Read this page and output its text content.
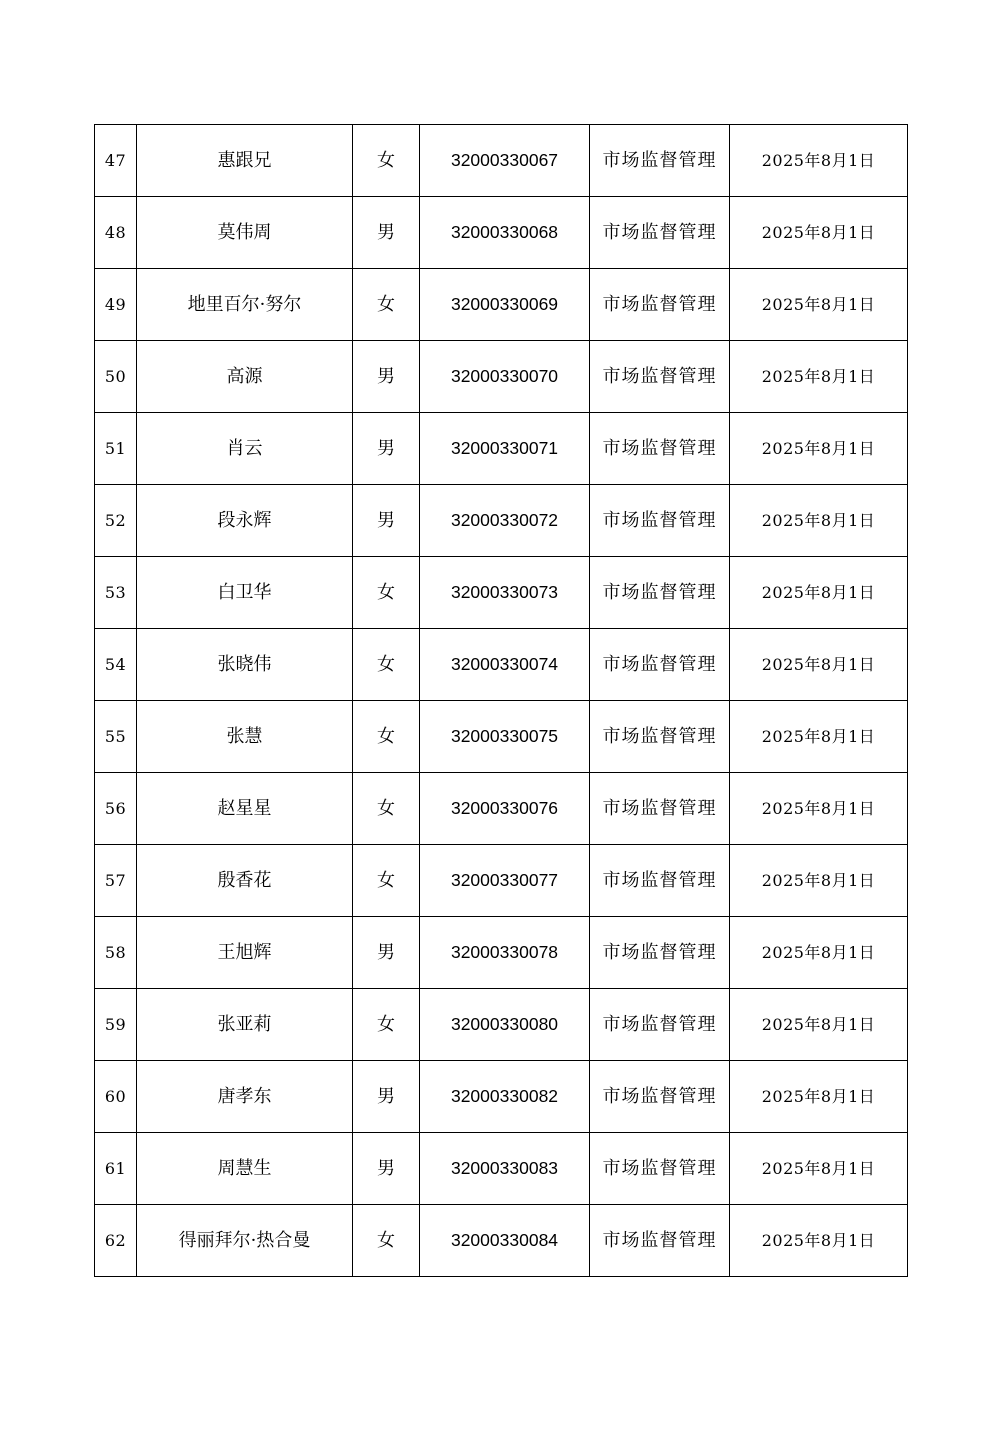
47	惠跟兄	女	32000330067	市场监督管理	2025年8月1日
48	莫伟周	男	32000330068	市场监督管理	2025年8月1日
49	地里百尔·努尔	女	32000330069	市场监督管理	2025年8月1日
50	高源	男	32000330070	市场监督管理	2025年8月1日
51	肖云	男	32000330071	市场监督管理	2025年8月1日
52	段永辉	男	32000330072	市场监督管理	2025年8月1日
53	白卫华	女	32000330073	市场监督管理	2025年8月1日
54	张晓伟	女	32000330074	市场监督管理	2025年8月1日
55	张慧	女	32000330075	市场监督管理	2025年8月1日
56	赵星星	女	32000330076	市场监督管理	2025年8月1日
57	殷香花	女	32000330077	市场监督管理	2025年8月1日
58	王旭辉	男	32000330078	市场监督管理	2025年8月1日
59	张亚莉	女	32000330080	市场监督管理	2025年8月1日
60	唐孝东	男	32000330082	市场监督管理	2025年8月1日
61	周慧生	男	32000330083	市场监督管理	2025年8月1日
62	得丽拜尔·热合曼	女	32000330084	市场监督管理	2025年8月1日
